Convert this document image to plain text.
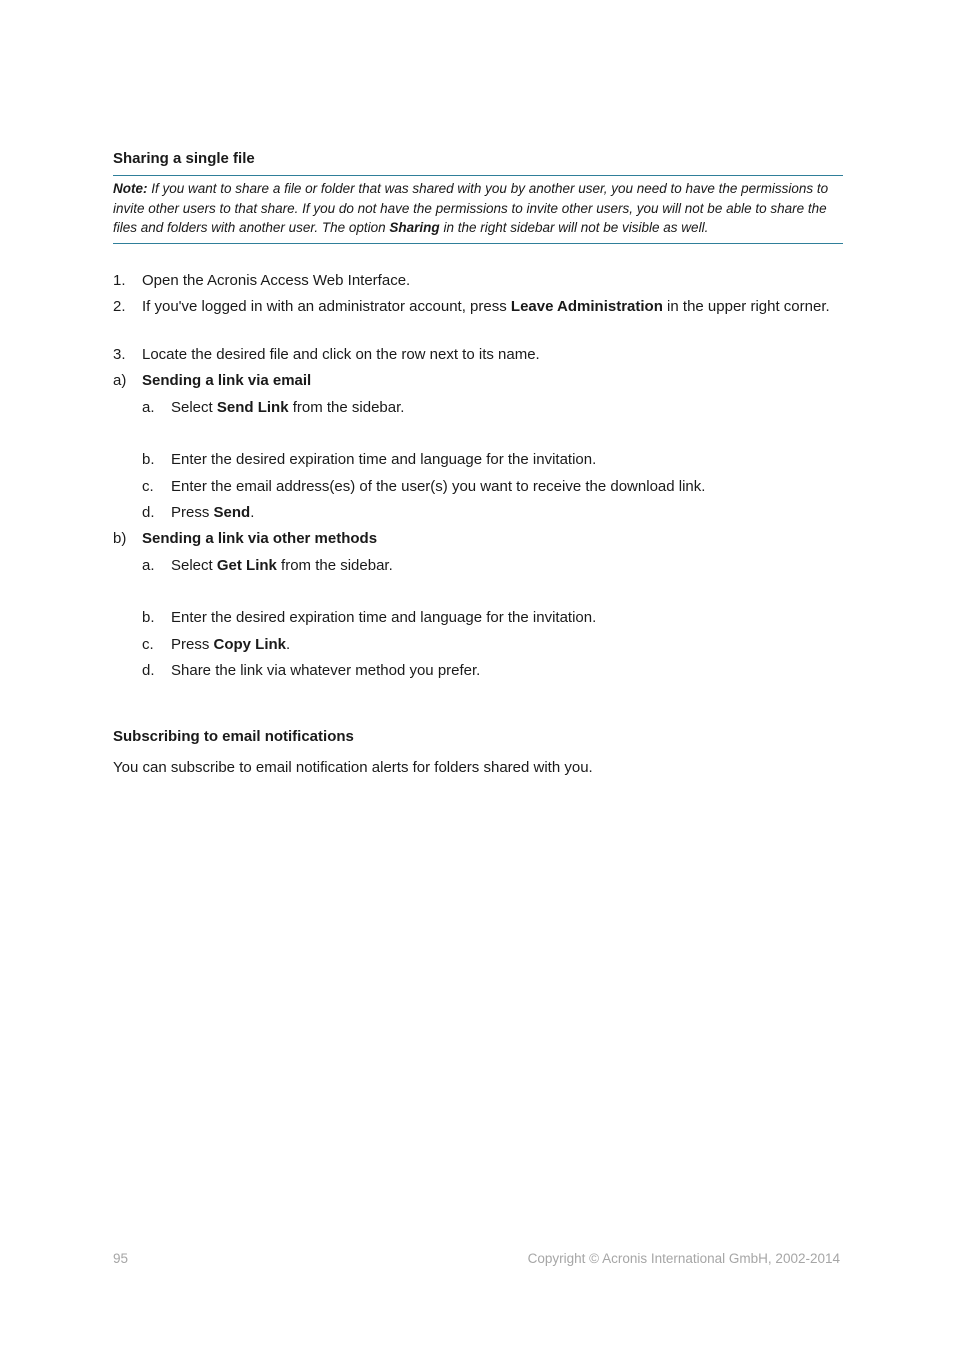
Sharing a single file
Note: If you want to share a file or folder that was shared with you by another user, you need to have the permissions to invite other users to that share. If you do not have the permissions to invite other users, you will not be able to share the files and folders with another user. The option Sharing in the right sidebar will not be visible as well.
1. Open the Acronis Access Web Interface.
2. If you've logged in with an administrator account, press Leave Administration in the upper right corner.
3. Locate the desired file and click on the row next to its name.
a) Sending a link via email
a. Select Send Link from the sidebar.
b. Enter the desired expiration time and language for the invitation.
c. Enter the email address(es) of the user(s) you want to receive the download link.
d. Press Send.
b) Sending a link via other methods
a. Select Get Link from the sidebar.
b. Enter the desired expiration time and language for the invitation.
c. Press Copy Link.
d. Share the link via whatever method you prefer.
Subscribing to email notifications
You can subscribe to email notification alerts for folders shared with you.
95	Copyright © Acronis International GmbH, 2002-2014
